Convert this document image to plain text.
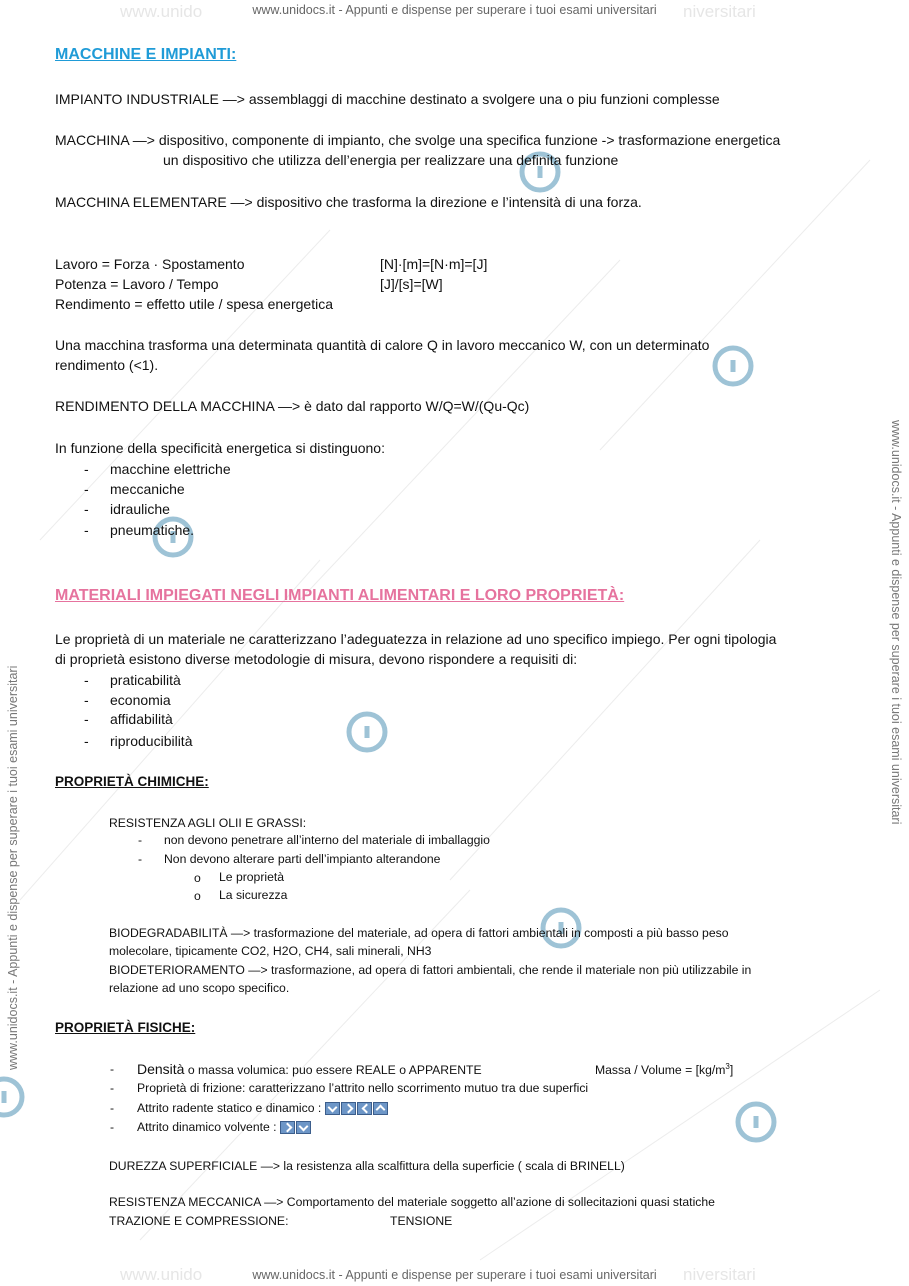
www.unido	niversitari
www.unido	niversitari
www.unidocs.it - Appunti e dispense per superare i tuoi esami universitari
www.unidocs.it - Appunti e dispense per superare i tuoi esami universitari
www.unidocs.it - Appunti e dispense per superare i tuoi esami universitari
www.unidocs.it - Appunti e dispense per superare i tuoi esami universitari
MACCHINE E IMPIANTI:
IMPIANTO INDUSTRIALE —> assemblaggi di macchine destinato a svolgere una o piu funzioni complesse
MACCHINA —> dispositivo, componente di impianto, che svolge una specifica funzione -> trasformazione energetica
un dispositivo che utilizza dell’energia per realizzare una definita funzione
MACCHINA ELEMENTARE —> dispositivo che trasforma la direzione e l’intensità di una forza.
Lavoro = Forza · Spostamento	[N]·[m]=[N·m]=[J]
Potenza = Lavoro / Tempo	[J]/[s]=[W]
Rendimento = effetto utile / spesa energetica
Una macchina trasforma una determinata quantità di calore Q in lavoro meccanico W, con un determinato
rendimento (<1).
RENDIMENTO DELLA MACCHINA —> è dato dal rapporto W/Q=W/(Qu-Qc)
In funzione della specificità energetica si distinguono:
- macchine elettriche
- meccaniche
- idrauliche
- pneumatiche.
MATERIALI IMPIEGATI NEGLI IMPIANTI ALIMENTARI E LORO PROPRIETÀ:
Le proprietà di un materiale ne caratterizzano l’adeguatezza in relazione ad uno specifico impiego. Per ogni tipologia
di proprietà esistono diverse metodologie di misura, devono rispondere a requisiti di:
- praticabilità
- economia
- affidabilità
- riproducibilità
PROPRIETÀ CHIMICHE:
RESISTENZA AGLI OLII E GRASSI:
- non devono penetrare all’interno del materiale di imballaggio
- Non devono alterare parti dell’impianto alterandone
o Le proprietà
o La sicurezza
BIODEGRADABILITÀ —> trasformazione del materiale, ad opera di fattori ambientali in composti a più basso peso
molecolare, tipicamente CO2, H2O, CH4, sali minerali, NH3
BIODETERIORAMENTO —> trasformazione, ad opera di fattori ambientali, che rende il materiale non più utilizzabile in
relazione ad uno scopo specifico.
PROPRIETÀ FISICHE:
- Densità o massa volumica: puo essere REALE o APPARENTE	Massa / Volume = $[kg/m^3]$
- Proprietà di frizione: caratterizzano l’attrito nello scorrimento mutuo tra due superfici
- Attrito radente statico e dinamico :
- Attrito dinamico volvente :
DUREZZA SUPERFICIALE —> la resistenza alla scalfittura della superficie ( scala di BRINELL)
RESISTENZA MECCANICA —> Comportamento del materiale soggetto all’azione di sollecitazioni quasi statiche
TRAZIONE E COMPRESSIONE:	TENSIONE
